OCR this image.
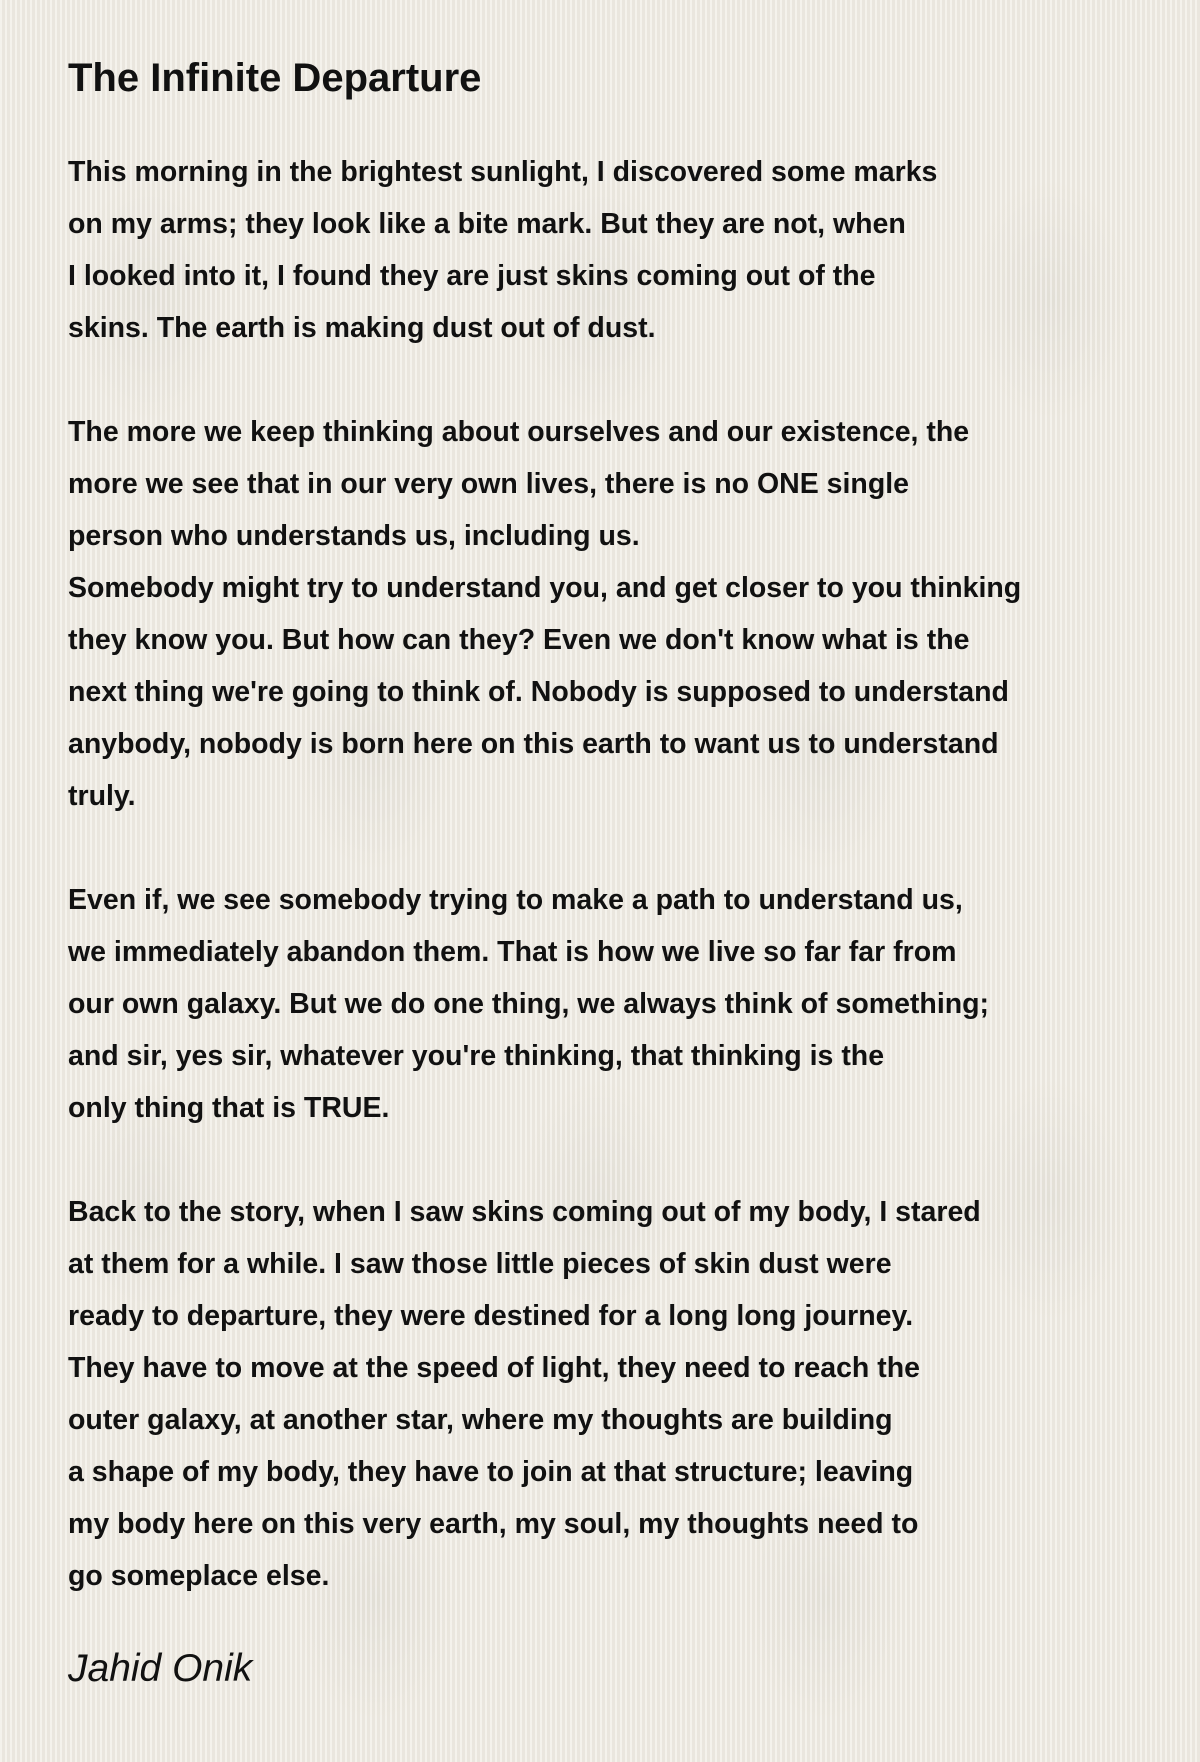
The Infinite Departure
This morning in the brightest sunlight, I discovered some marks
on my arms; they look like a bite mark. But they are not, when
I looked into it, I found they are just skins coming out of the
skins. The earth is making dust out of dust.
The more we keep thinking about ourselves and our existence, the
more we see that in our very own lives, there is no ONE single
person who understands us, including us.
Somebody might try to understand you, and get closer to you thinking
they know you. But how can they? Even we don't know what is the
next thing we're going to think of. Nobody is supposed to understand
anybody, nobody is born here on this earth to want us to understand
truly.
Even if, we see somebody trying to make a path to understand us,
we immediately abandon them. That is how we live so far far from
our own galaxy. But we do one thing, we always think of something;
and sir, yes sir, whatever you're thinking, that thinking is the
only thing that is TRUE.
Back to the story, when I saw skins coming out of my body, I stared
at them for a while. I saw those little pieces of skin dust were
ready to departure, they were destined for a long long journey.
They have to move at the speed of light, they need to reach the
outer galaxy, at another star, where my thoughts are building
a shape of my body, they have to join at that structure; leaving
my body here on this very earth, my soul, my thoughts need to
go someplace else.
Jahid Onik
